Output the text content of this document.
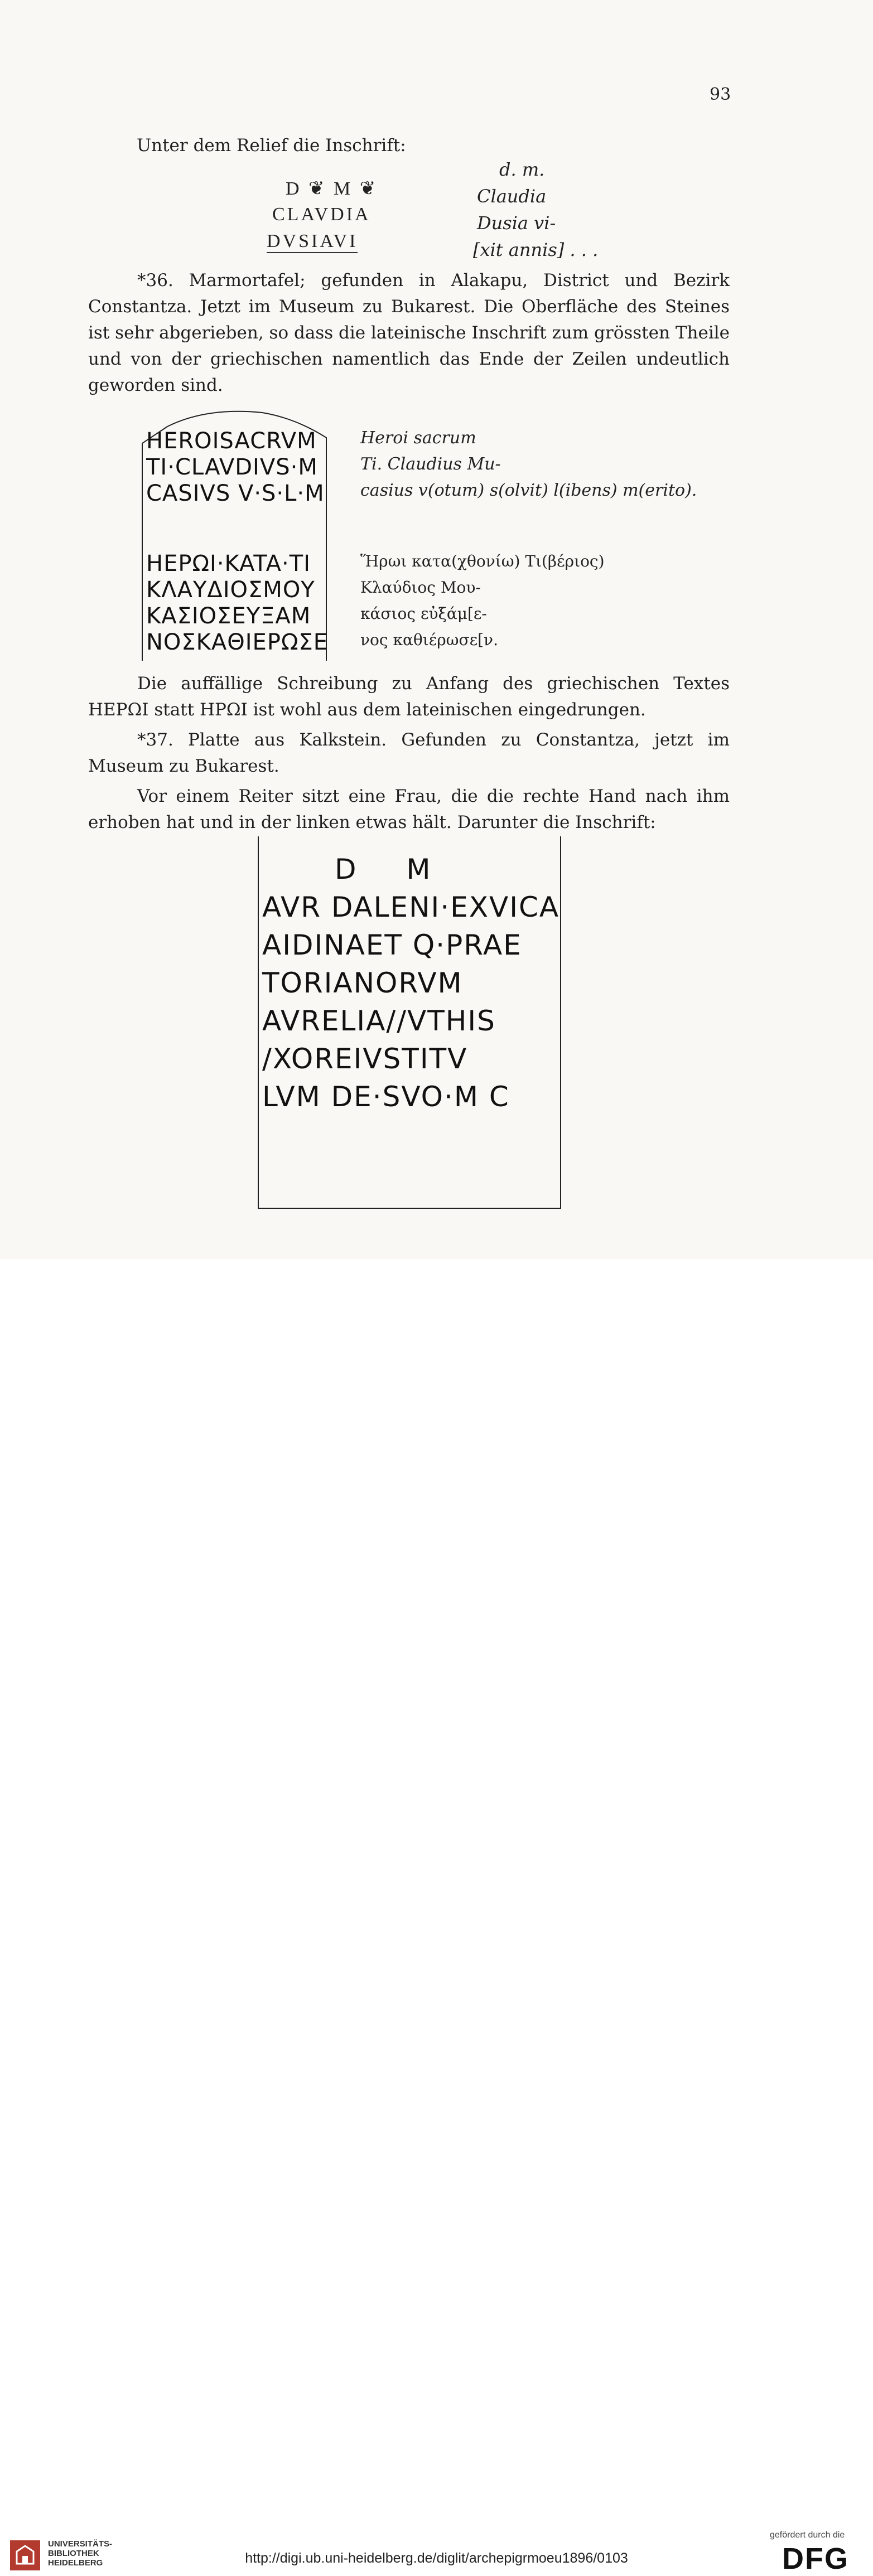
93
Unter dem Relief die Inschrift:
D ❦ M ❦
CLAVDIA
DVSIAVI
d. m.
Claudia
Dusia vi-
[xit annis] . . .
*36. Marmortafel; gefunden in Alakapu, District und Bezirk Constantza. Jetzt im Museum zu Bukarest. Die Oberfläche des Steines ist sehr abgerieben, so dass die lateinische Inschrift zum grössten Theile und von der griechischen namentlich das Ende der Zeilen undeutlich geworden sind.
HEROISACRVM
TI·CLAVDIVS·M
CASIVS V·S·L·M
HEPΩI·KATA·TI
ΚΛΑΥΔΙΟΣΜΟΥ
ΚΑΣΙΟΣΕΥΞΑΜ
ΝΟΣΚΑΘΙΕΡΩΣΕ
Heroi sacrum
Ti. Claudius Mu-
casius v(otum) s(olvit) l(ibens) m(erito).
Ἥρωι κατα(χθονίω) Τι(βέριος)
Κλαύδιος Μου-
κάσιος εὐξάμ[ε-
νος καθιέρωσε[ν.
Die auffällige Schreibung zu Anfang des griechischen Textes ΗΕΡΩΙ statt ΗΡΩΙ ist wohl aus dem lateinischen eingedrungen.
*37. Platte aus Kalkstein. Gefunden zu Constantza, jetzt im Museum zu Bukarest.
Vor einem Reiter sitzt eine Frau, die die rechte Hand nach ihm erhoben hat und in der linken etwas hält. Darunter die Inschrift:
D M
AVR DALENI·EXVICA
AIDINAET Q·PRAE
TORIANORVM
AVRELIA//VTHIS
/XOREIVSTITV
LVM DE·SVO·M C
UNIVERSITÄTS-
BIBLIOTHEK
HEIDELBERG	http://digi.ub.uni-heidelberg.de/diglit/archepigrmoeu1896/0103
gefördert durch die
DFG
